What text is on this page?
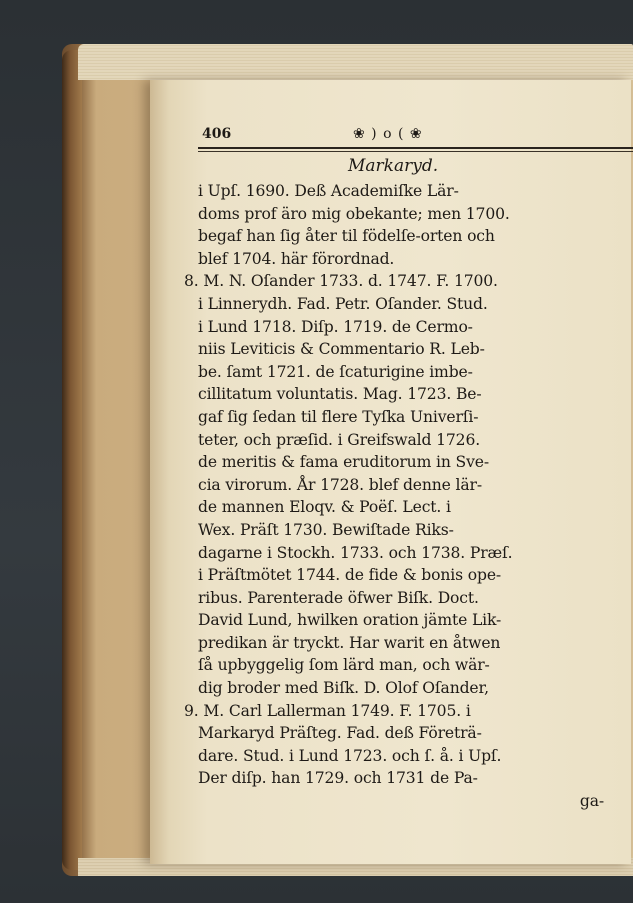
406	❀ ) o ( ❀
Markaryd.
i Upſ. 1690. Deß Academiſke Lär-
doms prof äro mig obekante; men 1700.
begaf han ſig åter til födelſe-orten och
blef 1704. här förordnad.
8. M. N. Oſander 1733. d. 1747. F. 1700.
i Linnerydh. Fad. Petr. Oſander. Stud.
i Lund 1718. Diſp. 1719. de Cermo-
niis Leviticis & Commentario R. Leb-
be. ſamt 1721. de ſcaturigine imbe-
cillitatum voluntatis. Mag. 1723. Be-
gaf ſig ſedan til flere Tyſka Univerſi-
teter, och præſid. i Greifswald 1726.
de meritis & fama eruditorum in Sve-
cia virorum. År 1728. blef denne lär-
de mannen Eloqv. & Poëſ. Lect. i
Wex. Präſt 1730. Bewiſtade Riks-
dagarne i Stockh. 1733. och 1738. Præſ.
i Präſtmötet 1744. de fide & bonis ope-
ribus. Parenterade öfwer Biſk. Doct.
David Lund, hwilken oration jämte Lik-
predikan är tryckt. Har warit en åtwen
ſå upbyggelig ſom lärd man, och wär-
dig broder med Biſk. D. Olof Oſander,
9. M. Carl Lallerman 1749. F. 1705. i
Markaryd Präſteg. Fad. deß Företrä-
dare. Stud. i Lund 1723. och ſ. å. i Upſ.
Der diſp. han 1729. och 1731 de Pa-
ga-
